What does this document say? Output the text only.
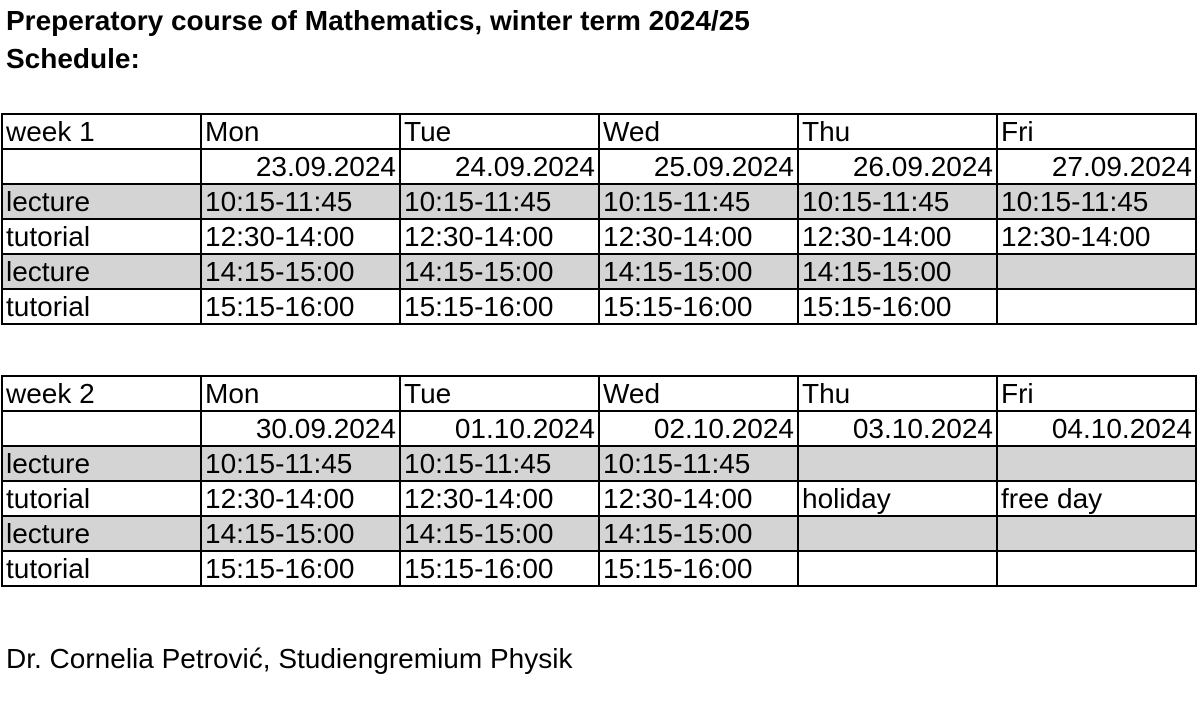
Preperatory course of Mathematics, winter term 2024/25
Schedule:
week 1	Mon	Tue	Wed	Thu	Fri
	23.09.2024	24.09.2024	25.09.2024	26.09.2024	27.09.2024
lecture	10:15-11:45	10:15-11:45	10:15-11:45	10:15-11:45	10:15-11:45
tutorial	12:30-14:00	12:30-14:00	12:30-14:00	12:30-14:00	12:30-14:00
lecture	14:15-15:00	14:15-15:00	14:15-15:00	14:15-15:00	
tutorial	15:15-16:00	15:15-16:00	15:15-16:00	15:15-16:00	
week 2	Mon	Tue	Wed	Thu	Fri
	30.09.2024	01.10.2024	02.10.2024	03.10.2024	04.10.2024
lecture	10:15-11:45	10:15-11:45	10:15-11:45		
tutorial	12:30-14:00	12:30-14:00	12:30-14:00	holiday	free day
lecture	14:15-15:00	14:15-15:00	14:15-15:00		
tutorial	15:15-16:00	15:15-16:00	15:15-16:00		
Dr. Cornelia Petrović, Studiengremium Physik
